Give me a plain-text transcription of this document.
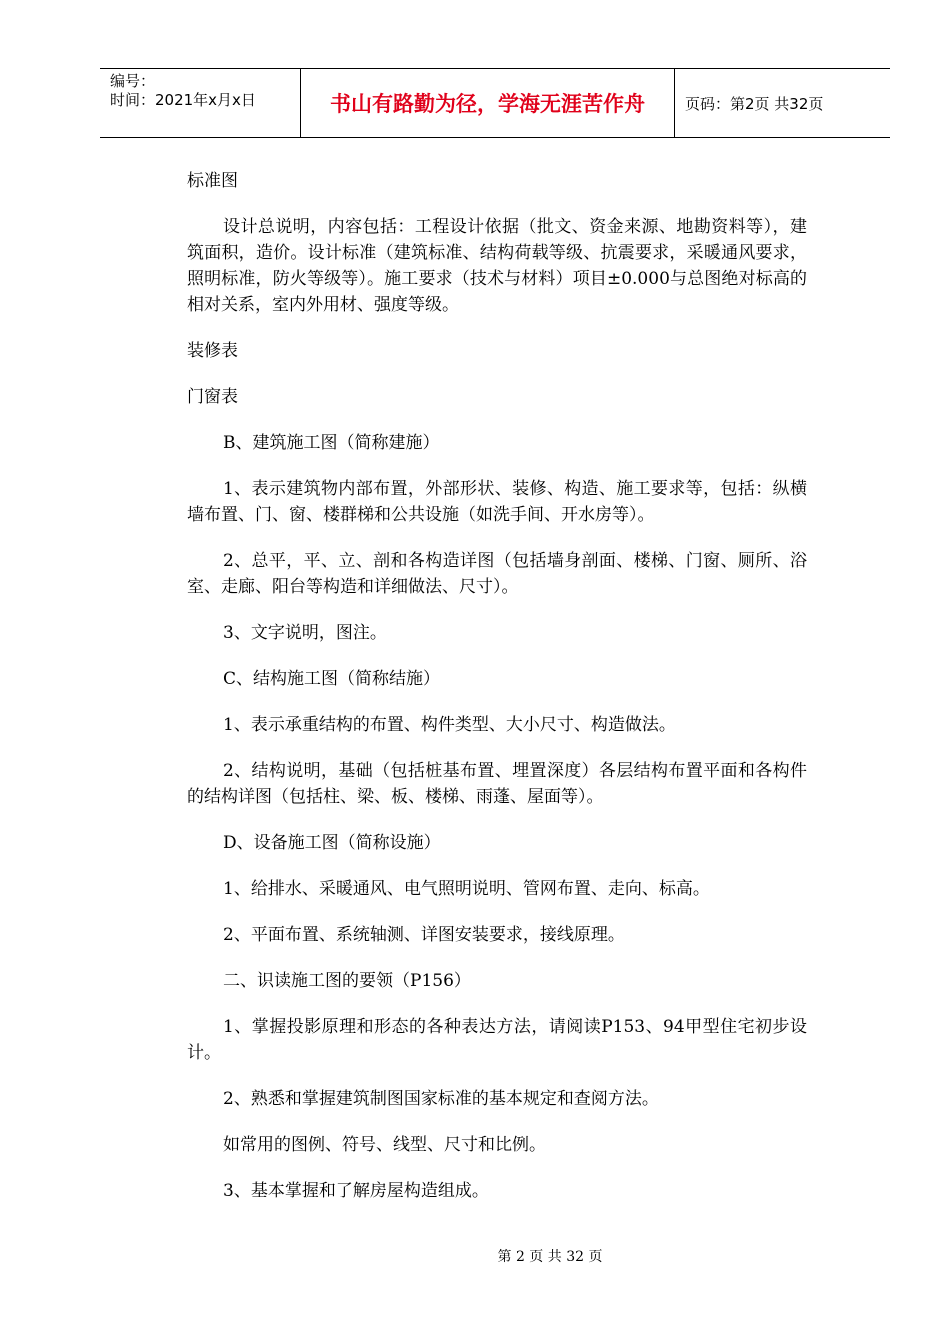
编号：
时间：2021年x月x日	书山有路勤为径，学海无涯苦作舟	页码：第2页 共32页

标准图

设计总说明，内容包括：工程设计依据（批文、资金来源、地勘资料等），建筑面积，造价。设计标准（建筑标准、结构荷载等级、抗震要求，采暖通风要求，照明标准，防火等级等）。施工要求（技术与材料）项目±0.000与总图绝对标高的相对关系，室内外用材、强度等级。

装修表

门窗表

B、建筑施工图（简称建施）

1、表示建筑物内部布置，外部形状、装修、构造、施工要求等，包括：纵横墙布置、门、窗、楼群梯和公共设施（如洗手间、开水房等）。

2、总平，平、立、剖和各构造详图（包括墙身剖面、楼梯、门窗、厕所、浴室、走廊、阳台等构造和详细做法、尺寸）。

3、文字说明，图注。

C、结构施工图（简称结施）

1、表示承重结构的布置、构件类型、大小尺寸、构造做法。

2、结构说明，基础（包括桩基布置、埋置深度）各层结构布置平面和各构件的结构详图（包括柱、梁、板、楼梯、雨蓬、屋面等）。

D、设备施工图（简称设施）

1、给排水、采暖通风、电气照明说明、管网布置、走向、标高。

2、平面布置、系统轴测、详图安装要求，接线原理。

二、识读施工图的要领（P156）

1、掌握投影原理和形态的各种表达方法，请阅读P153、94甲型住宅初步设计。

2、熟悉和掌握建筑制图国家标准的基本规定和查阅方法。

如常用的图例、符号、线型、尺寸和比例。

3、基本掌握和了解房屋构造组成。

第 2 页 共 32 页
